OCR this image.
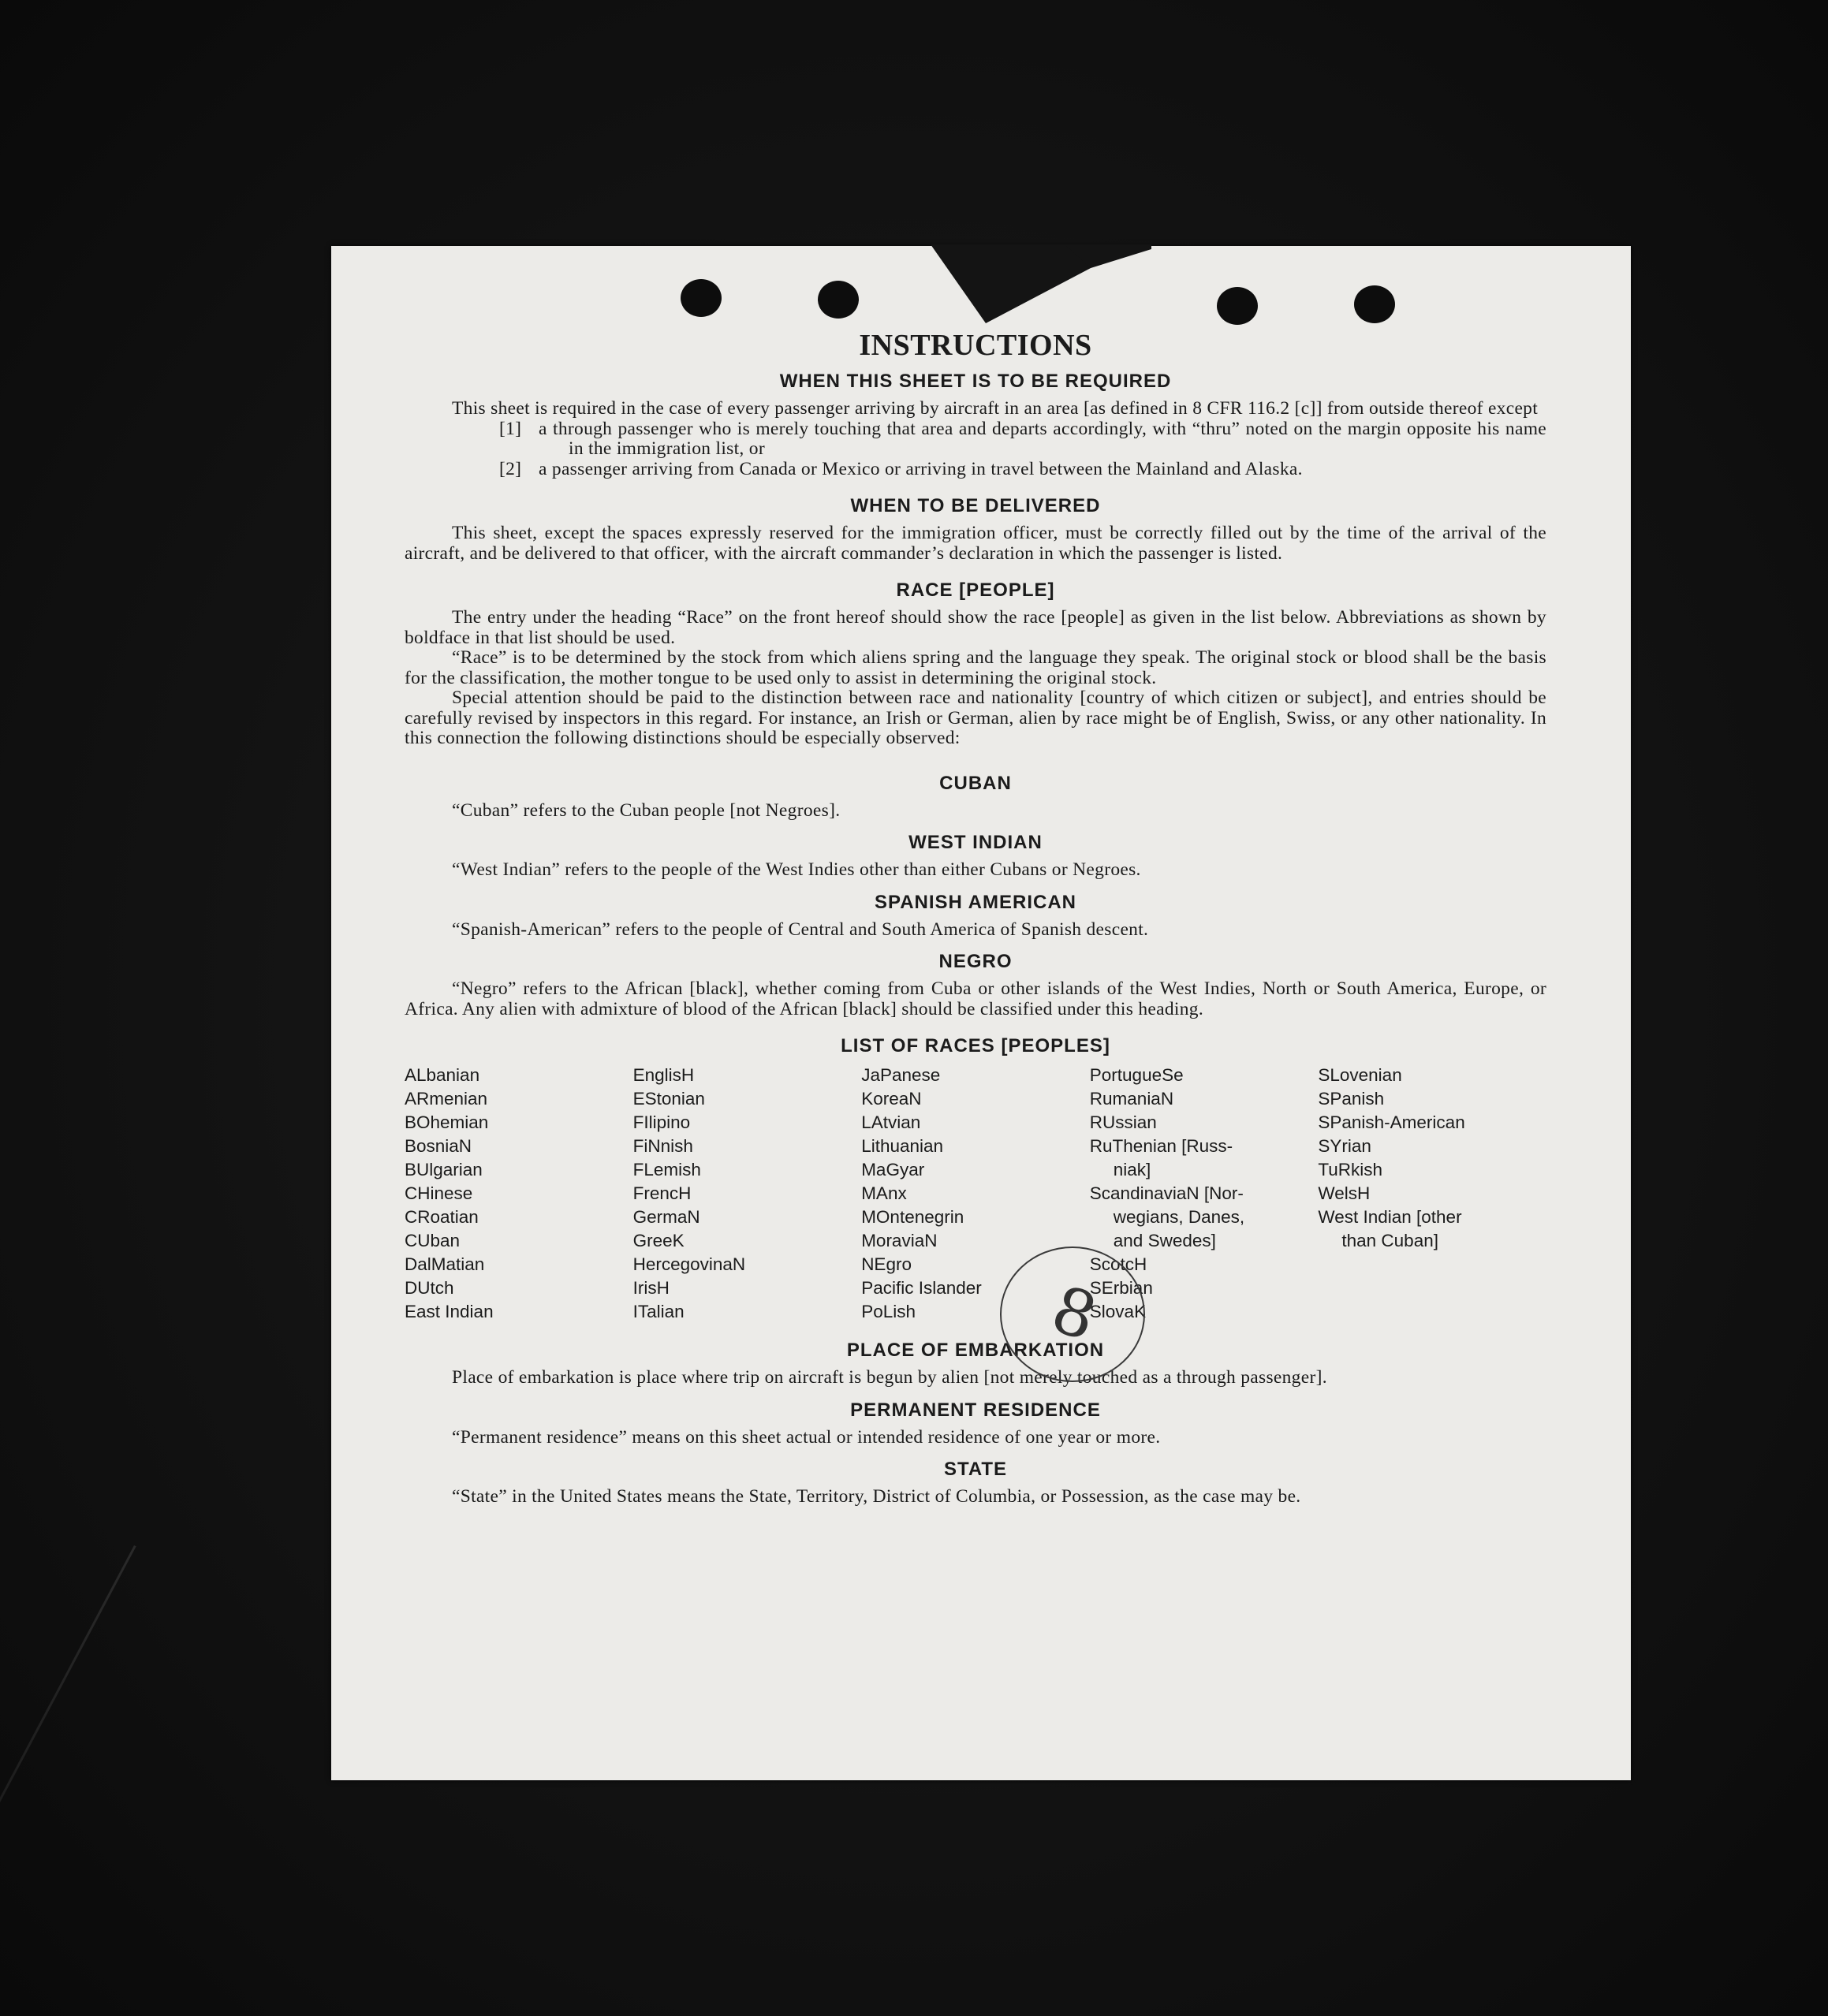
INSTRUCTIONS
WHEN THIS SHEET IS TO BE REQUIRED

This sheet is required in the case of every passenger arriving by aircraft in an area [as defined in 8 CFR 116.2 [c]] from outside thereof except

[1] a through passenger who is merely touching that area and departs accordingly, with “thru” noted on the margin opposite his name in the immigration list, or
[2] a passenger arriving from Canada or Mexico or arriving in travel between the Mainland and Alaska.
WHEN TO BE DELIVERED

This sheet, except the spaces expressly reserved for the immigration officer, must be correctly filled out by the time of the arrival of the aircraft, and be delivered to that officer, with the aircraft commander’s declaration in which the passenger is listed.

RACE [PEOPLE]

The entry under the heading “Race” on the front hereof should show the race [people] as given in the list below. Abbreviations as shown by boldface in that list should be used.

“Race” is to be determined by the stock from which aliens spring and the language they speak. The original stock or blood shall be the basis for the classification, the mother tongue to be used only to assist in determining the original stock.

Special attention should be paid to the distinction between race and nationality [country of which citizen or subject], and entries should be carefully revised by inspectors in this regard. For instance, an Irish or German, alien by race might be of English, Swiss, or any other nationality. In this connection the following distinctions should be especially observed:

CUBAN

“Cuban” refers to the Cuban people [not Negroes].

WEST INDIAN

“West Indian” refers to the people of the West Indies other than either Cubans or Negroes.

SPANISH AMERICAN

“Spanish-American” refers to the people of Central and South America of Spanish descent.

NEGRO

“Negro” refers to the African [black], whether coming from Cuba or other islands of the West Indies, North or South America, Europe, or Africa. Any alien with admixture of blood of the African [black] should be classified under this heading.

LIST OF RACES [PEOPLES]
ALbanian
ARmenian
BOhemian
BosniaN
BUlgarian
CHinese
CRoatian
CUban
DalMatian
DUtch
East Indian
EnglisH
EStonian
FIlipino
FiNnish
FLemish
FrencH
GermaN
GreeK
HercegovinaN
IrisH
ITalian
JaPanese
KoreaN
LAtvian
Lithuanian
MaGyar
MAnx
MOntenegrin
MoraviaN
NEgro
Pacific Islander
PoLish
PortugueSe
RumaniaN
RUssian
RuThenian [Russ-
niak]
ScandinaviaN [Nor-
wegians, Danes,
and Swedes]
ScotcH
SErbian
SlovaK
SLovenian
SPanish
SPanish-American
SYrian
TuRkish
WelsH
West Indian [other
than Cuban]
PLACE OF EMBARKATION

Place of embarkation is place where trip on aircraft is begun by alien [not merely touched as a through passenger].

PERMANENT RESIDENCE

“Permanent residence” means on this sheet actual or intended residence of one year or more.

STATE

“State” in the United States means the State, Territory, District of Columbia, or Possession, as the case may be.

8
